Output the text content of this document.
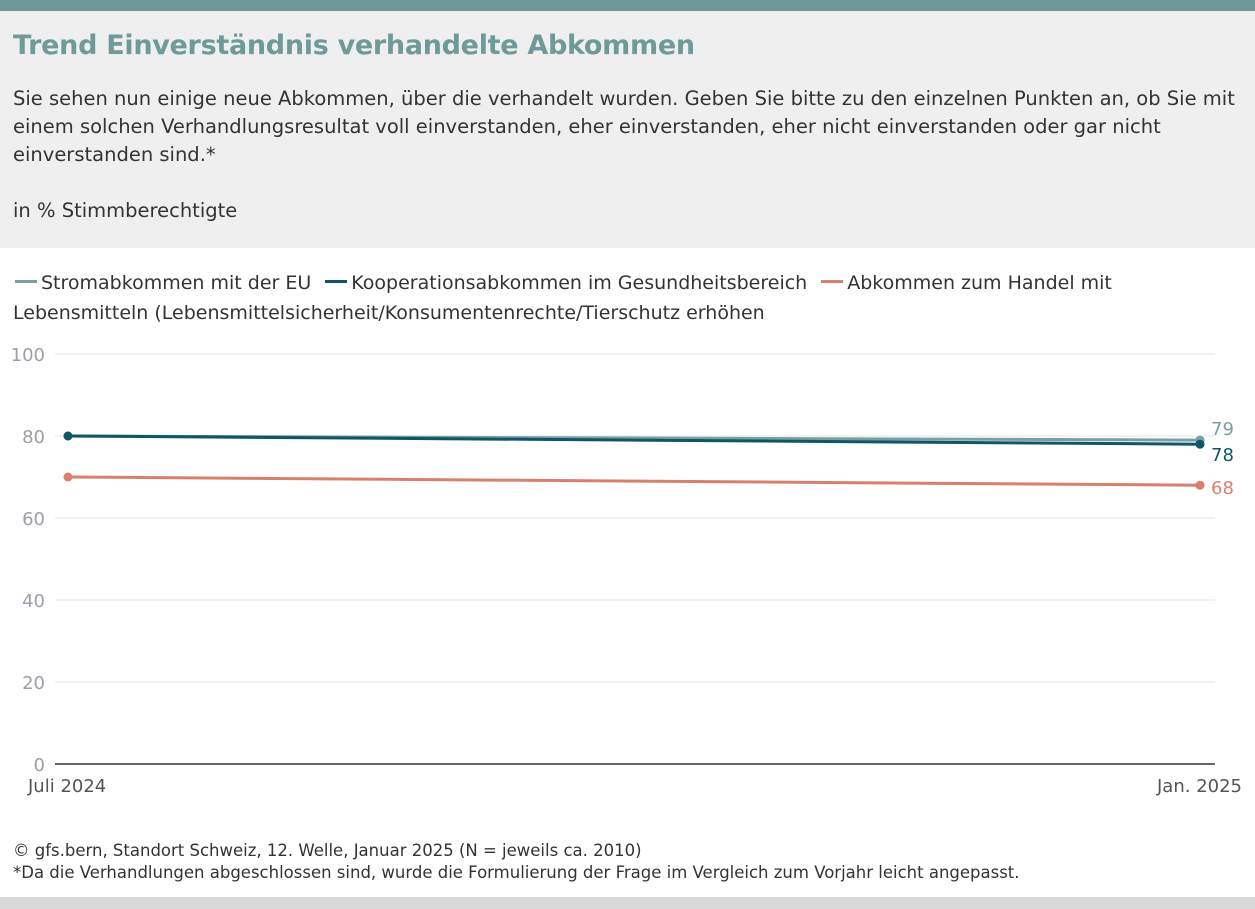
Trend Einverständnis verhandelte Abkommen
Sie sehen nun einige neue Abkommen, über die verhandelt wurden. Geben Sie bitte zu den einzelnen Punkten an, ob Sie mit einem solchen Verhandlungsresultat voll einverstanden, eher einverstanden, eher nicht einverstanden oder gar nicht einverstanden sind.*
in % Stimmberechtigte
Stromabkommen mit der EU Kooperationsabkommen im Gesundheitsbereich Abkommen zum Handel mit Lebensmitteln (Lebensmittelsicherheit/Konsumentenrechte/Tierschutz erhöhen
0
20
40
60
80
100
Juli 2024	Jan. 2025
79
78
68
© gfs.bern, Standort Schweiz, 12. Welle, Januar 2025 (N = jeweils ca. 2010)
*Da die Verhandlungen abgeschlossen sind, wurde die Formulierung der Frage im Vergleich zum Vorjahr leicht angepasst.
